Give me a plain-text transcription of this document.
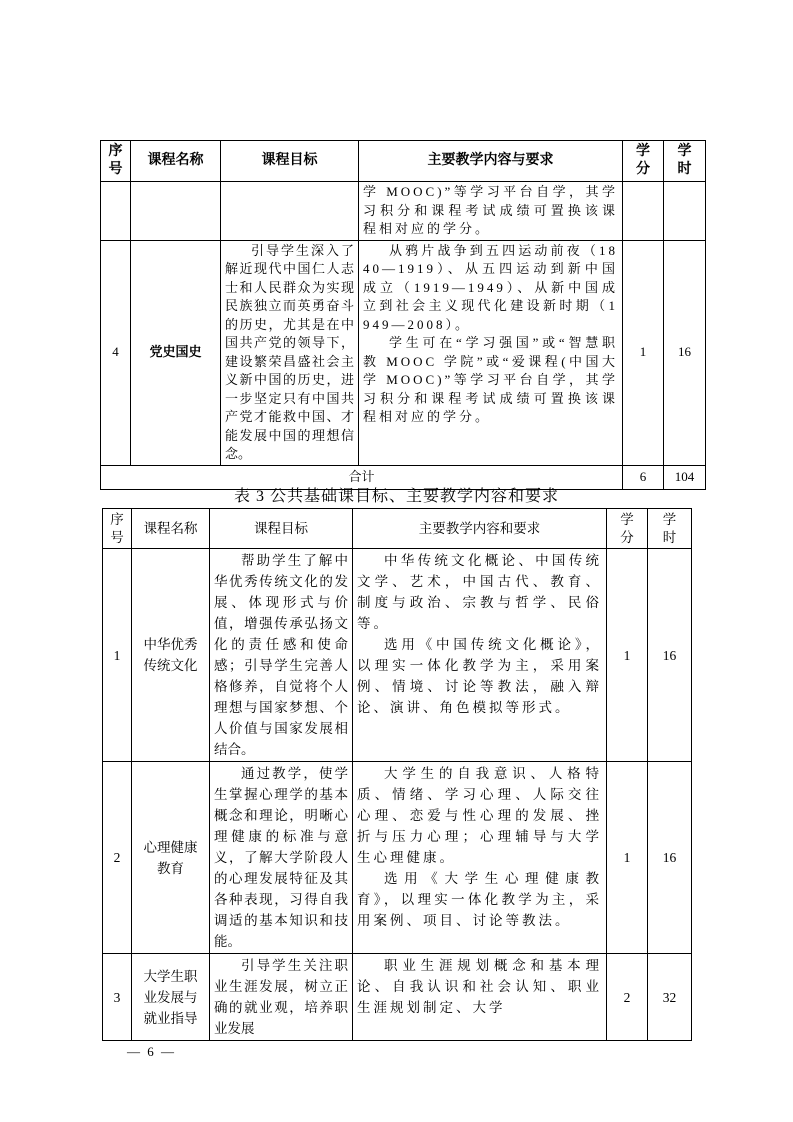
序号	课程名称	课程目标	主要教学内容与要求	学分	学时

			学 MOOC)”等学习平台自学，其学习积分和课程考试成绩可置换该课程相对应的学分。		

4	党史国史	引导学生深入了解近现代中国仁人志士和人民群众为实现民族独立而英勇奋斗的历史，尤其是在中国共产党的领导下，建设繁荣昌盛社会主义新中国的历史，进一步坚定只有中国共产党才能救中国、才能发展中国的理想信念。	从鸦片战争到五四运动前夜（1840—1919）、从五四运动到新中国成立（1919—1949）、从新中国成立到社会主义现代化建设新时期（1949—2008）。

学生可在“学习强国”或“智慧职教 MOOC 学院”或“爱课程(中国大学 MOOC)”等学习平台自学，其学习积分和课程考试成绩可置换该课程相对应的学分。	1	16
合计				6	104
表 3 公共基础课目标、主要教学内容和要求
序号	课程名称	课程目标	主要教学内容和要求	学分	学时
1	中华优秀传统文化	帮助学生了解中华优秀传统文化的发展、体现形式与价值，增强传承弘扬文化的责任感和使命感；引导学生完善人格修养，自觉将个人理想与国家梦想、个人价值与国家发展相结合。	中华传统文化概论、中国传统文学、艺术，中国古代、教育、制度与政治、宗教与哲学、民俗等。

选用《中国传统文化概论》，以理实一体化教学为主，采用案例、情境、讨论等教法，融入辩论、演讲、角色模拟等形式。	1	16
2	心理健康教育	通过教学，使学生掌握心理学的基本概念和理论，明晰心理健康的标准与意义，了解大学阶段人的心理发展特征及其各种表现，习得自我调适的基本知识和技能。	大学生的自我意识、人格特质、情绪、学习心理、人际交往心理、恋爱与性心理的发展、挫折与压力心理；心理辅导与大学生心理健康。

选用《大学生心理健康教育》，以理实一体化教学为主，采用案例、项目、讨论等教法。	1	16
3	大学生职业发展与就业指导	引导学生关注职业生涯发展，树立正确的就业观，培养职业发展	职业生涯规划概念和基本理论、自我认识和社会认知、职业生涯规划制定、大学	2	32
— 6 —
